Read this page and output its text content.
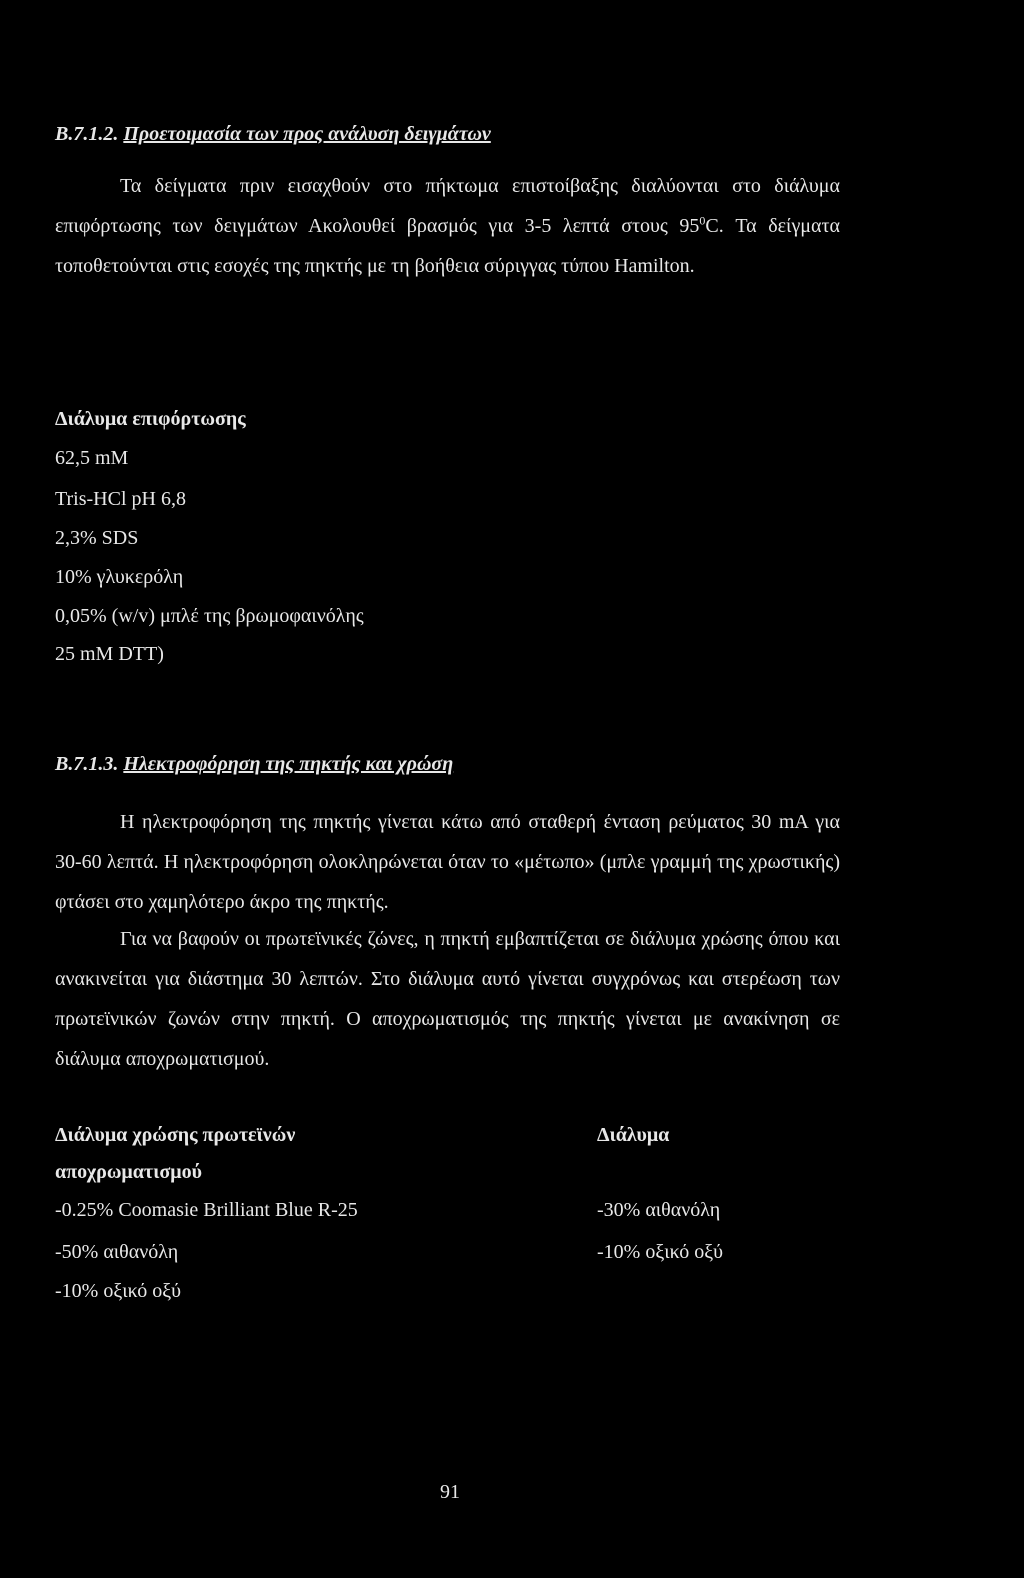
Β.7.1.2. Προετοιμασία των προς ανάλυση δειγμάτων

Τα δείγματα πριν εισαχθούν στο πήκτωμα επιστοίβαξης διαλύονται στο διάλυμα επιφόρτωσης των δειγμάτων Ακολουθεί βρασμός για 3-5 λεπτά στους $95^0C$. Τα δείγματα τοποθετούνται στις εσοχές της πηκτής με τη βοήθεια σύριγγας τύπου Hamilton.

Διάλυμα επιφόρτωσης
62,5 mM
Tris-HCl pH 6,8
2,3% SDS
10% γλυκερόλη
0,05% (w/v) μπλέ της βρωμοφαινόλης
25 mM DTT)
Β.7.1.3. Ηλεκτροφόρηση της πηκτής και χρώση

Η ηλεκτροφόρηση της πηκτής γίνεται κάτω από σταθερή ένταση ρεύματος 30 mA για 30-60 λεπτά. Η ηλεκτροφόρηση ολοκληρώνεται όταν το «μέτωπο» (μπλε γραμμή της χρωστικής) φτάσει στο χαμηλότερο άκρο της πηκτής.

Για να βαφούν οι πρωτεϊνικές ζώνες, η πηκτή εμβαπτίζεται σε διάλυμα χρώσης όπου και ανακινείται για διάστημα 30 λεπτών. Στο διάλυμα αυτό γίνεται συγχρόνως και στερέωση των πρωτεϊνικών ζωνών στην πηκτή. Ο αποχρωματισμός της πηκτής γίνεται με ανακίνηση σε διάλυμα αποχρωματισμού.

Διάλυμα χρώσης πρωτεϊνών
αποχρωματισμού
-0.25% Coomasie Brilliant Blue R-25
-50% αιθανόλη
-10% οξικό οξύ
Διάλυμα
-30% αιθανόλη
-10% οξικό οξύ
91
